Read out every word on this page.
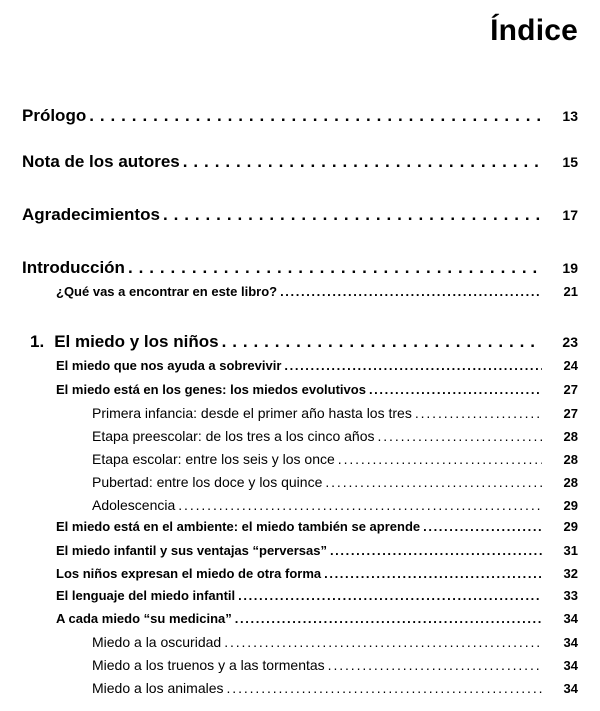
Índice
Prólogo . . .	13
Nota de los autores . . .	15
Agradecimientos . . .	17
Introducción . . .	19
¿Qué vas a encontrar en este libro? . . .	21
1. El miedo y los niños . . .	23
El miedo que nos ayuda a sobrevivir . . .	24
El miedo está en los genes: los miedos evolutivos . . .	27
Primera infancia: desde el primer año hasta los tres . . .	27
Etapa preescolar: de los tres a los cinco años . . .	28
Etapa escolar: entre los seis y los once . . .	28
Pubertad: entre los doce y los quince . . .	28
Adolescencia . . .	29
El miedo está en el ambiente: el miedo también se aprende . . .	29
El miedo infantil y sus ventajas “perversas” . . .	31
Los niños expresan el miedo de otra forma . . .	32
El lenguaje del miedo infantil . . .	33
A cada miedo “su medicina” . . .	34
Miedo a la oscuridad . . .	34
Miedo a los truenos y a las tormentas . . .	34
Miedo a los animales . . .	34
